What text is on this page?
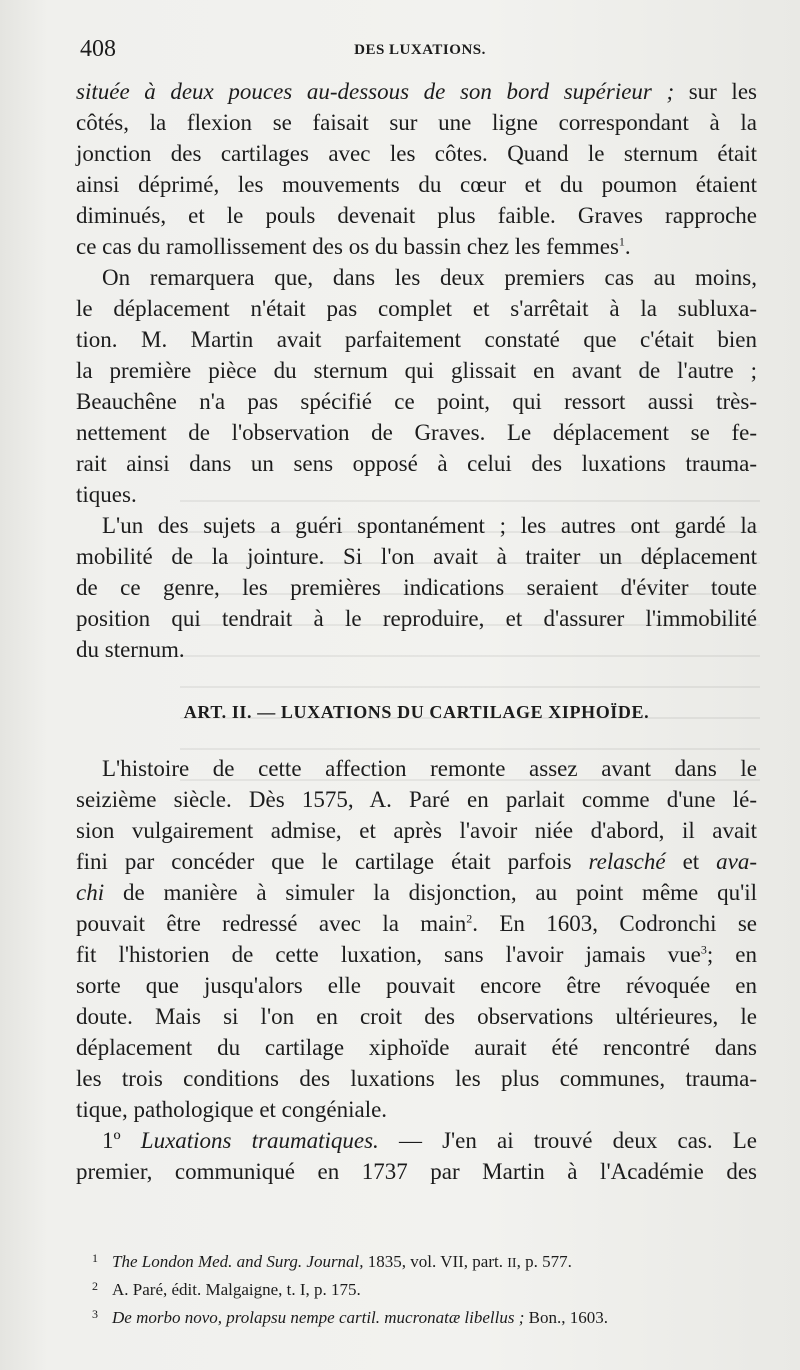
408	DES LUXATIONS.
située à deux pouces au-dessous de son bord supérieur ; sur les
côtés, la flexion se faisait sur une ligne correspondant à la
jonction des cartilages avec les côtes. Quand le sternum était
ainsi déprimé, les mouvements du cœur et du poumon étaient
diminués, et le pouls devenait plus faible. Graves rapproche
ce cas du ramollissement des os du bassin chez les femmes$^1$.
On remarquera que, dans les deux premiers cas au moins,
le déplacement n'était pas complet et s'arrêtait à la subluxa-
tion. M. Martin avait parfaitement constaté que c'était bien
la première pièce du sternum qui glissait en avant de l'autre ;
Beauchêne n'a pas spécifié ce point, qui ressort aussi très-
nettement de l'observation de Graves. Le déplacement se fe-
rait ainsi dans un sens opposé à celui des luxations trauma-
tiques.
L'un des sujets a guéri spontanément ; les autres ont gardé la
mobilité de la jointure. Si l'on avait à traiter un déplacement
de ce genre, les premières indications seraient d'éviter toute
position qui tendrait à le reproduire, et d'assurer l'immobilité
du sternum.
ART. II. — LUXATIONS DU CARTILAGE XIPHOÏDE.
L'histoire de cette affection remonte assez avant dans le
seizième siècle. Dès 1575, A. Paré en parlait comme d'une lé-
sion vulgairement admise, et après l'avoir niée d'abord, il avait
fini par concéder que le cartilage était parfois relasché et ava-
chi de manière à simuler la disjonction, au point même qu'il
pouvait être redressé avec la main$^2$. En 1603, Codronchi se
fit l'historien de cette luxation, sans l'avoir jamais vue$^3$; en
sorte que jusqu'alors elle pouvait encore être révoquée en
doute. Mais si l'on en croit des observations ultérieures, le
déplacement du cartilage xiphoïde aurait été rencontré dans
les trois conditions des luxations les plus communes, trauma-
tique, pathologique et congéniale.
1º Luxations traumatiques. — J'en ai trouvé deux cas. Le
premier, communiqué en 1737 par Martin à l'Académie des
1 The London Med. and Surg. Journal, 1835, vol. VII, part. II, p. 577.
2 A. Paré, édit. Malgaigne, t. I, p. 175.
3 De morbo novo, prolapsu nempe cartil. mucronatæ libellus ; Bon., 1603.
